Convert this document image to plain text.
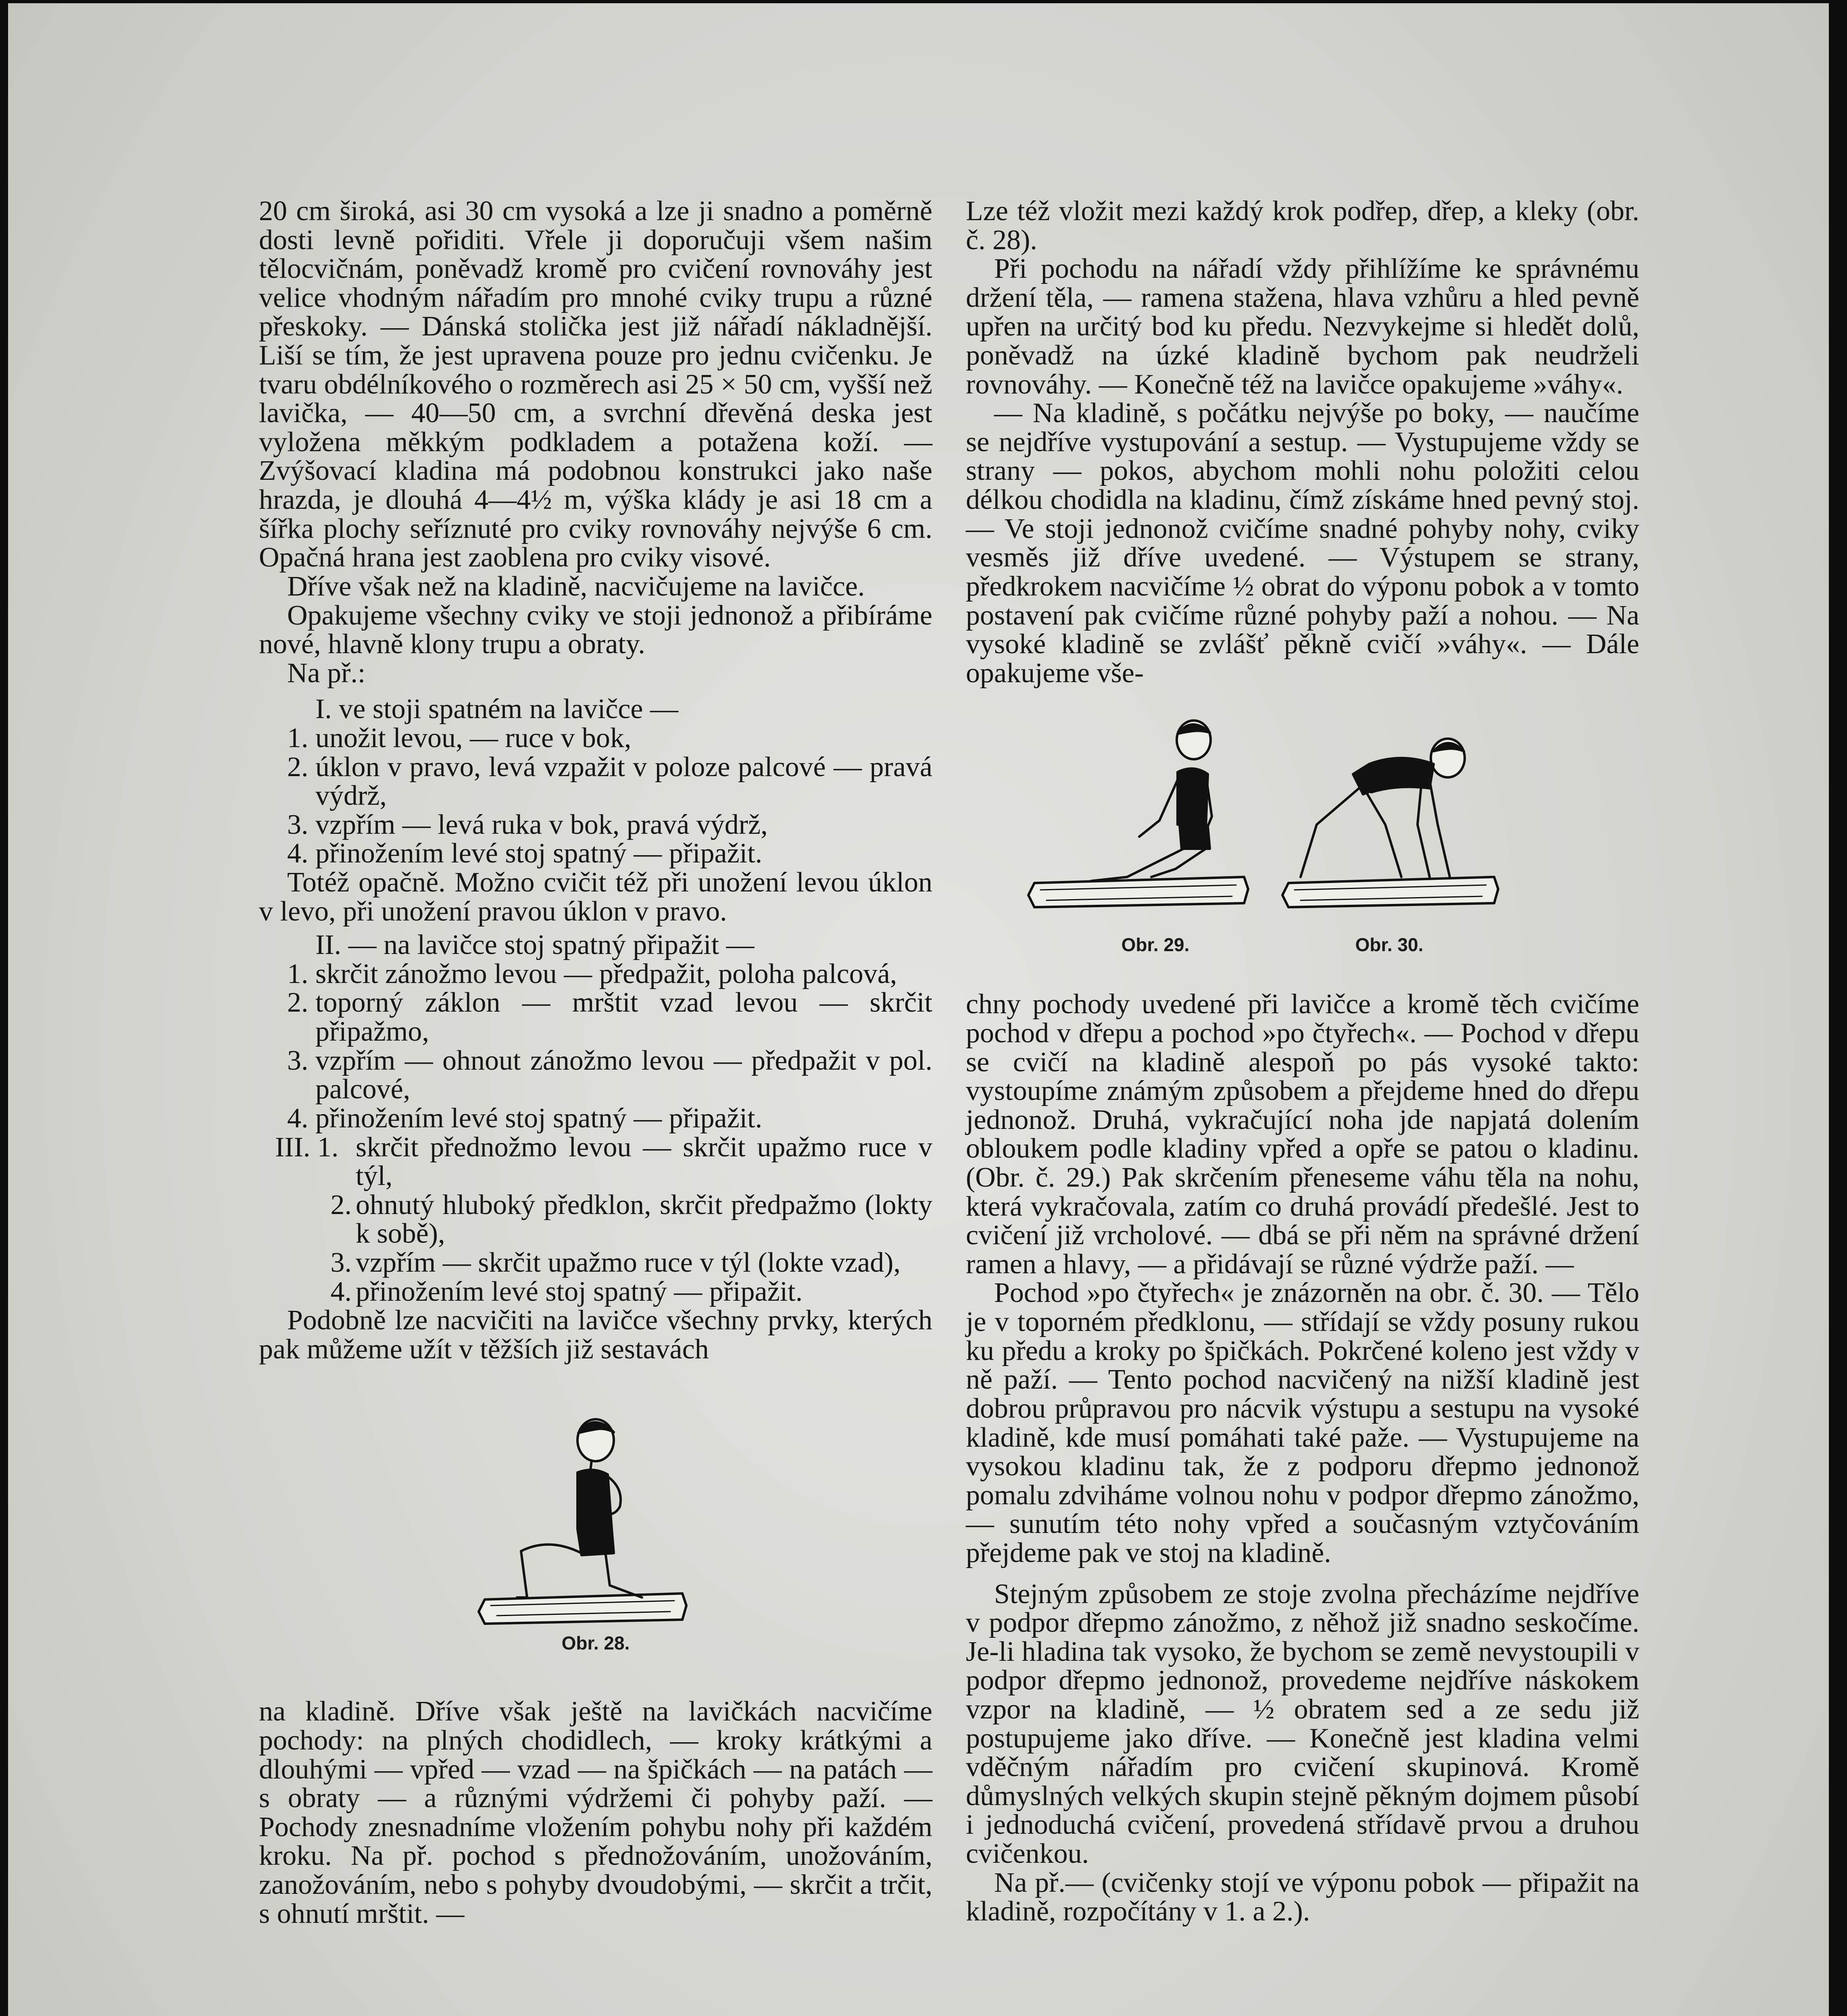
20 cm široká, asi 30 cm vysoká a lze ji snadno a poměrně dosti levně pořiditi. Vřele ji doporučuji všem našim tělocvičnám, poněvadž kromě pro cvičení rovnováhy jest velice vhodným nářadím pro mnohé cviky trupu a různé přeskoky. — Dánská stolička jest již nářadí nákladnější. Liší se tím, že jest upravena pouze pro jednu cvičenku. Je tvaru obdélníkového o rozměrech asi 25 × 50 cm, vyšší než lavička, — 40—50 cm, a svrchní dřevěná deska jest vyložena měkkým podkladem a potažena koží. — Zvýšovací kladina má podobnou konstrukci jako naše hrazda, je dlouhá 4—4½ m, výška klády je asi 18 cm a šířka plochy seříznuté pro cviky rovnováhy nejvýše 6 cm. Opačná hrana jest zaoblena pro cviky visové.

Dříve však než na kladině, nacvičujeme na lavičce.

Opakujeme všechny cviky ve stoji jednonož a přibíráme nové, hlavně klony trupu a obraty.

Na př.:

I. ve stoji spatném na lavičce —

1. unožit levou, — ruce v bok,

2. úklon v pravo, levá vzpažit v poloze palcové — pravá výdrž,

3. vzpřím — levá ruka v bok, pravá výdrž,

4. přinožením levé stoj spatný — připažit.

Totéž opačně. Možno cvičit též při unožení levou úklon v levo, při unožení pravou úklon v pravo.

II. — na lavičce stoj spatný připažit —

1. skrčit zánožmo levou — předpažit, poloha palcová,

2. toporný záklon — mrštit vzad levou — skrčit připažmo,

3. vzpřím — ohnout zánožmo levou — předpažit v pol. palcové,

4. přinožením levé stoj spatný — připažit.

III. 1. skrčit přednožmo levou — skrčit upažmo ruce v týl,

2. ohnutý hluboký předklon, skrčit předpažmo (lokty k sobě),

3. vzpřím — skrčit upažmo ruce v týl (lokte vzad),

4. přinožením levé stoj spatný — připažit.

Podobně lze nacvičiti na lavičce všechny prvky, kterých pak můžeme užít v těžších již sestavách

Obr. 28.

na kladině. Dříve však ještě na lavičkách nacvičíme pochody: na plných chodidlech, — kroky krátkými a dlouhými — vpřed — vzad — na špičkách — na patách — s obraty — a různými výdržemi či pohyby paží. — Pochody znesnadníme vložením pohybu nohy při každém kroku. Na př. pochod s přednožováním, unožováním, zanožováním, nebo s pohyby dvoudobými, — skrčit a trčit, s ohnutí mrštit. —

Lze též vložit mezi každý krok podřep, dřep, a kleky (obr. č. 28).

Při pochodu na nářadí vždy přihlížíme ke správnému držení těla, — ramena stažena, hlava vzhůru a hled pevně upřen na určitý bod ku předu. Nezvykejme si hledět dolů, poněvadž na úzké kladině bychom pak neudrželi rovnováhy. — Konečně též na lavičce opakujeme »váhy«.

— Na kladině, s počátku nejvýše po boky, — naučíme se nejdříve vystupování a sestup. — Vystupujeme vždy se strany — pokos, abychom mohli nohu položiti celou délkou chodidla na kladinu, čímž získáme hned pevný stoj. — Ve stoji jednonož cvičíme snadné pohyby nohy, cviky vesměs již dříve uvedené. — Výstupem se strany, předkrokem nacvičíme ½ obrat do výponu pobok a v tomto postavení pak cvičíme různé pohyby paží a nohou. — Na vysoké kladině se zvlášť pěkně cvičí »váhy«. — Dále opakujeme vše-

Obr. 29.	Obr. 30.

chny pochody uvedené při lavičce a kromě těch cvičíme pochod v dřepu a pochod »po čtyřech«. — Pochod v dřepu se cvičí na kladině alespoň po pás vysoké takto: vystoupíme známým způsobem a přejdeme hned do dřepu jednonož. Druhá, vykračující noha jde napjatá dolením obloukem podle kladiny vpřed a opře se patou o kladinu. (Obr. č. 29.) Pak skrčením přeneseme váhu těla na nohu, která vykračovala, zatím co druhá provádí předešlé. Jest to cvičení již vrcholové. — dbá se při něm na správné držení ramen a hlavy, — a přidávají se různé výdrže paží. —

Pochod »po čtyřech« je znázorněn na obr. č. 30. — Tělo je v toporném předklonu, — střídají se vždy posuny rukou ku předu a kroky po špičkách. Pokrčené koleno jest vždy v ně paží. — Tento pochod nacvičený na nižší kladině jest dobrou průpravou pro nácvik výstupu a sestupu na vysoké kladině, kde musí pomáhati také paže. — Vystupujeme na vysokou kladinu tak, že z podporu dřepmo jednonož pomalu zdviháme volnou nohu v podpor dřepmo zánožmo, — sunutím této nohy vpřed a současným vztyčováním přejdeme pak ve stoj na kladině.

Stejným způsobem ze stoje zvolna přecházíme nejdříve v podpor dřepmo zánožmo, z něhož již snadno seskočíme. Je-li hladina tak vysoko, že bychom se země nevystoupili v podpor dřepmo jednonož, provedeme nejdříve náskokem vzpor na kladině, — ½ obratem sed a ze sedu již postupujeme jako dříve. — Konečně jest kladina velmi vděčným nářadím pro cvičení skupinová. Kromě důmyslných velkých skupin stejně pěkným dojmem působí i jednoduchá cvičení, provedená střídavě prvou a druhou cvičenkou.

Na př.— (cvičenky stojí ve výponu pobok — připažit na kladině, rozpočítány v 1. a 2.).
